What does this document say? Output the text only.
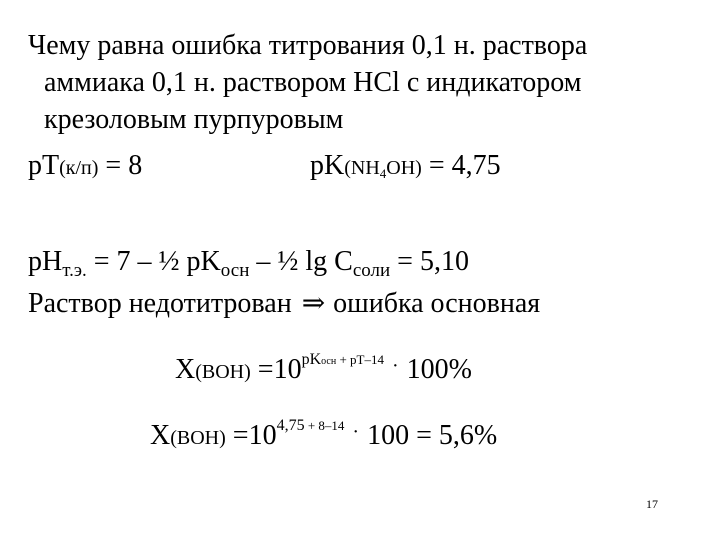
Чему равна ошибка титрования 0,1 н. раствора
аммиака 0,1 н. раствором HCl с индикатором
крезоловым пурпуровым
pT(к/п) = 8	pK(NH4OH) = 4,75
$pH_{т.э.} = 7$ – ½ $pK_{осн}$ – ½ $\lg C_{соли} = 5,10$
Раствор недотитрован ⇒ ошибка основная
$X(BOH) =10^{pKосн + pT-14}$ · 100%
$X(BOH) =10^{4,75 + 8-14}$ · 100 = 5,6%
17
